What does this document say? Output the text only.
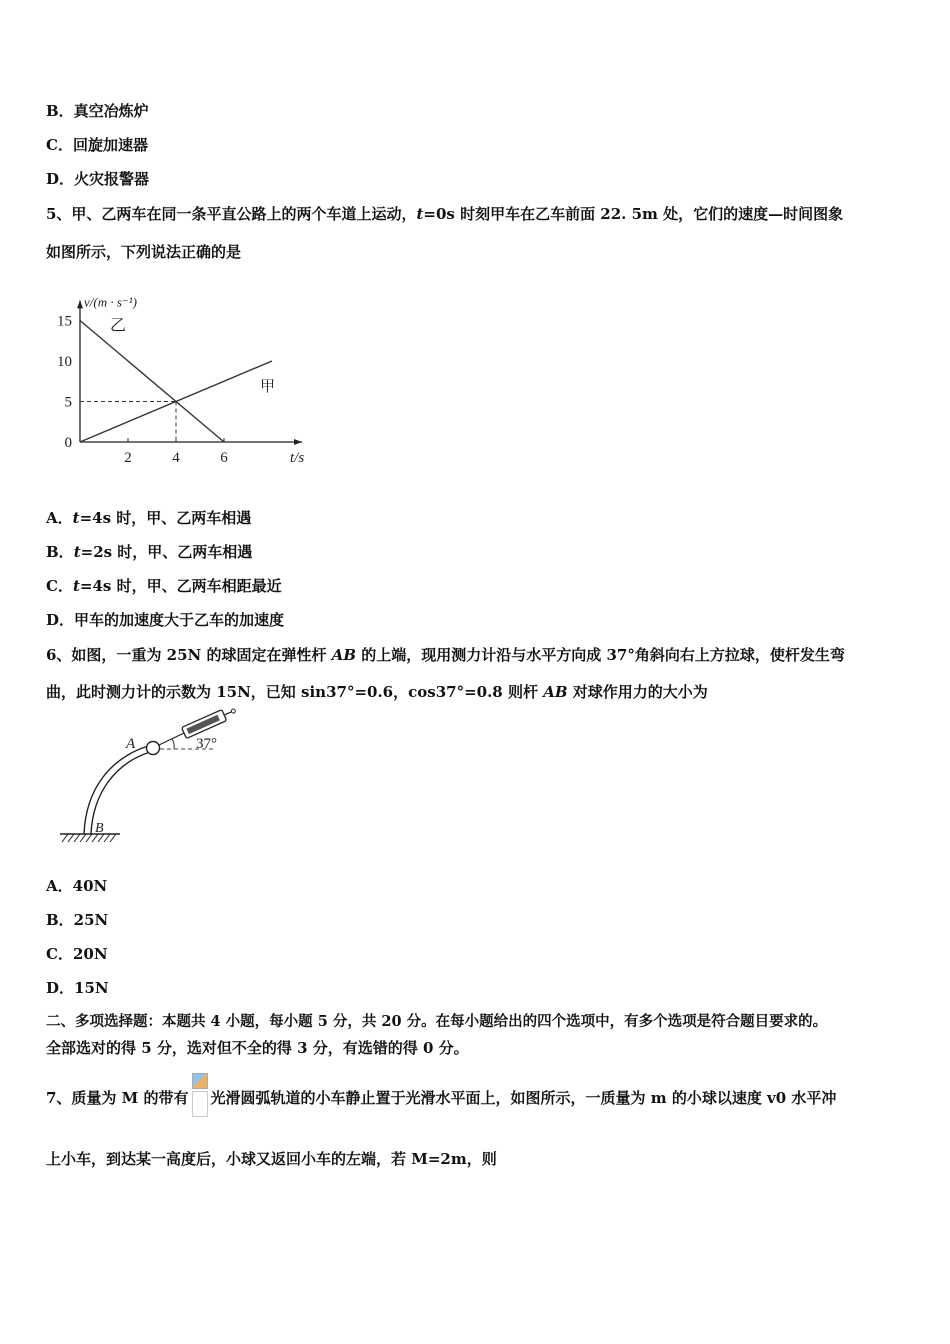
B．真空冶炼炉
C．回旋加速器
D．火灾报警器
5、甲、乙两车在同一条平直公路上的两个车道上运动，t=0s 时刻甲车在乙车前面 22. 5m 处，它们的速度—时间图象
如图所示，下列说法正确的是
2	4	6
0
5
10
15
v/(m · s⁻¹)
t/s
乙
甲
A．t=4s 时，甲、乙两车相遇
B．t=2s 时，甲、乙两车相遇
C．t=4s 时，甲、乙两车相距最近
D．甲车的加速度大于乙车的加速度
6、如图，一重为 25N 的球固定在弹性杆 AB 的上端，现用测力计沿与水平方向成 37°角斜向右上方拉球，使杆发生弯
曲，此时测力计的示数为 15N，已知 sin37°=0.6，cos37°=0.8 则杆 AB 对球作用力的大小为
A
B
37°
A．40N
B．25N
C．20N
D．15N
二、多项选择题：本题共 4 小题，每小题 5 分，共 20 分。在每小题给出的四个选项中，有多个选项是符合题目要求的。
全部选对的得 5 分，选对但不全的得 3 分，有选错的得 0 分。
7、质量为 M 的带有 光滑圆弧轨道的小车静止置于光滑水平面上，如图所示，一质量为 m 的小球以速度 v0 水平冲
上小车，到达某一高度后，小球又返回小车的左端，若 M=2m，则
